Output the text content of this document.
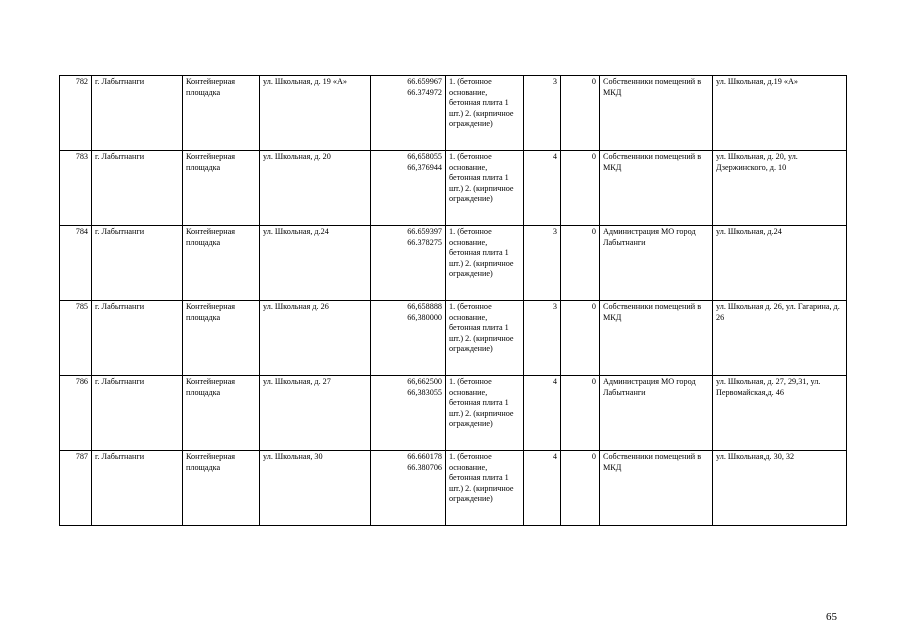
782	г. Лабытнанги	Контейнерная площадка	ул. Школьная, д. 19 «А»	66.659967 66.374972	1. (бетонное основание, бетонная плита 1 шт.) 2. (кирпичное ограждение)	3	0	Собственники помещений в МКД	ул. Школьная, д.19 «А»
783	г. Лабытнанги	Контейнерная площадка	ул. Школьная, д. 20	66,658055 66,376944	1. (бетонное основание, бетонная плита 1 шт.) 2. (кирпичное ограждение)	4	0	Собственники помещений в МКД	ул. Школьная, д. 20, ул. Дзержинского, д. 10
784	г. Лабытнанги	Контейнерная площадка	ул. Школьная, д.24	66.659397 66.378275	1. (бетонное основание, бетонная плита 1 шт.) 2. (кирпичное ограждение)	3	0	Администрация МО город Лабытнанги	ул. Школьная, д.24
785	г. Лабытнанги	Контейнерная площадка	ул. Школьная д. 26	66,658888 66,380000	1. (бетонное основание, бетонная плита 1 шт.) 2. (кирпичное ограждение)	3	0	Собственники помещений в МКД	ул. Школьная д. 26, ул. Гагарина, д. 26
786	г. Лабытнанги	Контейнерная площадка	ул. Школьная, д. 27	66,662500 66,383055	1. (бетонное основание, бетонная плита 1 шт.) 2. (кирпичное ограждение)	4	0	Администрация МО город Лабытнанги	ул. Школьная, д. 27, 29,31, ул. Первомайская,д. 46
787	г. Лабытнанги	Контейнерная площадка	ул. Школьная, 30	66.660178 66.380706	1. (бетонное основание, бетонная плита 1 шт.) 2. (кирпичное ограждение)	4	0	Собственники помещений в МКД	ул. Школьная,д. 30, 32
65
